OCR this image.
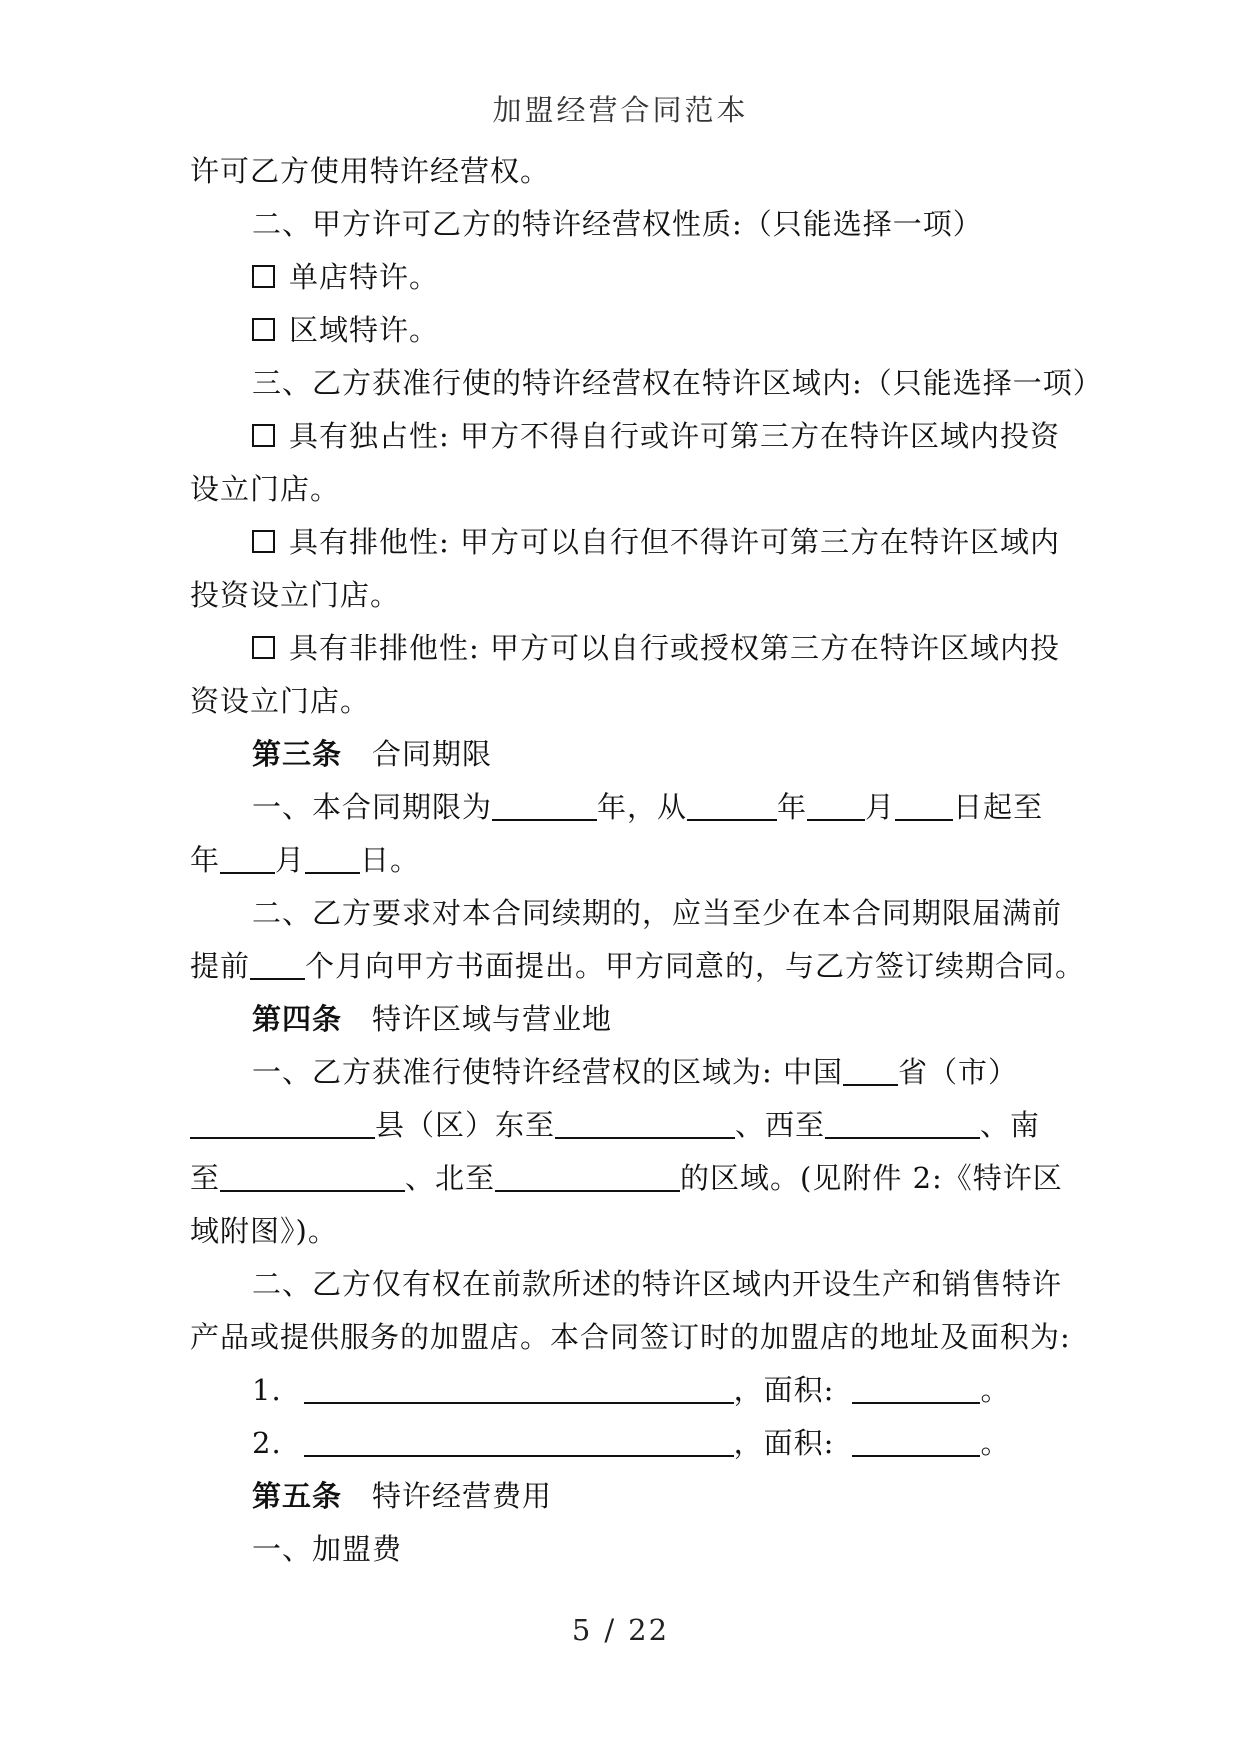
加盟经营合同范本
许可乙方使用特许经营权。
二、甲方许可乙方的特许经营权性质:（只能选择一项）
单店特许。
区域特许。
三、乙方获准行使的特许经营权在特许区域内:（只能选择一项）
具有独占性: 甲方不得自行或许可第三方在特许区域内投资
设立门店。
具有排他性: 甲方可以自行但不得许可第三方在特许区域内
投资设立门店。
具有非排他性: 甲方可以自行或授权第三方在特许区域内投
资设立门店。
第三条 合同期限
一、本合同期限为	年，从	年 月 日起至
年 月 日。
二、乙方要求对本合同续期的，应当至少在本合同期限届满前
提前 个月向甲方书面提出。甲方同意的，与乙方签订续期合同。
第四条 特许区域与营业地
一、乙方获准行使特许经营权的区域为: 中国 省（市）
县（区）东至	、西至	、南
至	、北至	的区域。(见附件 2:《特许区
域附图》)。
二、乙方仅有权在前款所述的特许区域内开设生产和销售特许
产品或提供服务的加盟店。本合同签订时的加盟店的地址及面积为:
1.	，面积:	。
2.	，面积:	。
第五条 特许经营费用
一、加盟费
5 / 22
